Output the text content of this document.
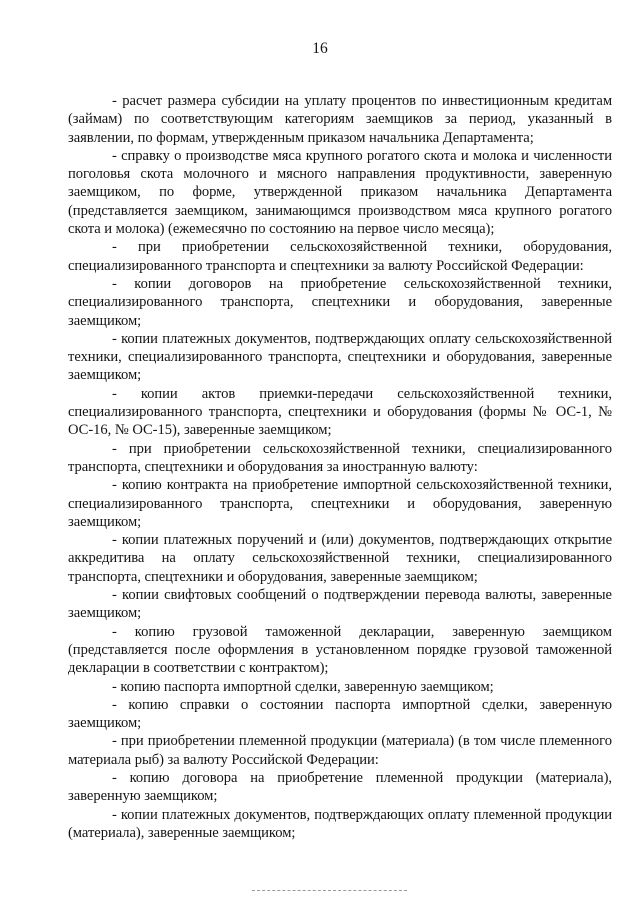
16

- расчет размера субсидии на уплату процентов по инвестиционным кредитам (займам) по соответствующим категориям заемщиков за период, указанный в заявлении, по формам, утвержденным приказом начальника Департамента;

- справку о производстве мяса крупного рогатого скота и молока и численности поголовья скота молочного и мясного направления продуктивности, заверенную заемщиком, по форме, утвержденной приказом начальника Департамента (представляется заемщиком, занимающимся производством мяса крупного рогатого скота и молока) (ежемесячно по состоянию на первое число месяца);

- при приобретении сельскохозяйственной техники, оборудования, специализированного транспорта и спецтехники за валюту Российской Федерации:

- копии договоров на приобретение сельскохозяйственной техники, специализированного транспорта, спецтехники и оборудования, заверенные заемщиком;

- копии платежных документов, подтверждающих оплату сельскохозяйственной техники, специализированного транспорта, спецтехники и оборудования, заверенные заемщиком;

- копии актов приемки-передачи сельскохозяйственной техники, специализированного транспорта, спецтехники и оборудования (формы № ОС-1, № ОС-16, № ОС-15), заверенные заемщиком;

- при приобретении сельскохозяйственной техники, специализированного транспорта, спецтехники и оборудования за иностранную валюту:

- копию контракта на приобретение импортной сельскохозяйственной техники, специализированного транспорта, спецтехники и оборудования, заверенную заемщиком;

- копии платежных поручений и (или) документов, подтверждающих открытие аккредитива на оплату сельскохозяйственной техники, специализированного транспорта, спецтехники и оборудования, заверенные заемщиком;

- копии свифтовых сообщений о подтверждении перевода валюты, заверенные заемщиком;

- копию грузовой таможенной декларации, заверенную заемщиком (представляется после оформления в установленном порядке грузовой таможенной декларации в соответствии с контрактом);

- копию паспорта импортной сделки, заверенную заемщиком;

- копию справки о состоянии паспорта импортной сделки, заверенную заемщиком;

- при приобретении племенной продукции (материала) (в том числе племенного материала рыб) за валюту Российской Федерации:

- копию договора на приобретение племенной продукции (материала), заверенную заемщиком;

- копии платежных документов, подтверждающих оплату племенной продукции (материала), заверенные заемщиком;
